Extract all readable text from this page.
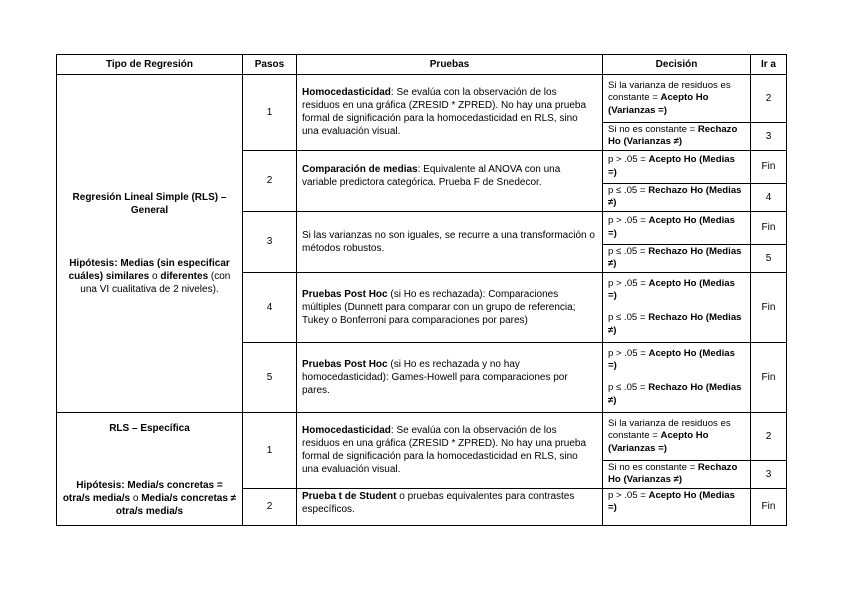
Tipo de Regresión	Pasos	Pruebas	Decisión	Ir a

Regresión Lineal Simple (RLS) – General
Hipótesis: Medias (sin especificar cuáles) similares o diferentes (con una VI cualitativa de 2 niveles).	1	Homocedasticidad: Se evalúa con la observación de los residuos en una gráfica (ZRESID * ZPRED). No hay una prueba formal de significación para la homocedasticidad en RLS, sino una evaluación visual.	Si la varianza de residuos es constante = Acepto Ho (Varianzas =)	2
			Si no es constante = Rechazo Ho (Varianzas ≠)	3
	2	Comparación de medias: Equivalente al ANOVA con una variable predictora categórica. Prueba F de Snedecor.	p > .05 = Acepto Ho (Medias =)	Fin
			p ≤ .05 = Rechazo Ho (Medias ≠)	4
	3	Si las varianzas no son iguales, se recurre a una transformación o métodos robustos.	p > .05 = Acepto Ho (Medias =)	Fin
			p ≤ .05 = Rechazo Ho (Medias ≠)	5
	4	Pruebas Post Hoc (si Ho es rechazada): Comparaciones múltiples (Dunnett para comparar con un grupo de referencia; Tukey o Bonferroni para comparaciones por pares)	p > .05 = Acepto Ho (Medias =)	Fin
			p ≤ .05 = Rechazo Ho (Medias ≠)	
	5	Pruebas Post Hoc (si Ho es rechazada y no hay homocedasticidad): Games-Howell para comparaciones por pares.	p > .05 = Acepto Ho (Medias =)	Fin
			p ≤ .05 = Rechazo Ho (Medias ≠)	

RLS – Específica
Hipótesis: Media/s concretas = otra/s media/s o Media/s concretas ≠ otra/s media/s	1	Homocedasticidad: Se evalúa con la observación de los residuos en una gráfica (ZRESID * ZPRED). No hay una prueba formal de significación para la homocedasticidad en RLS, sino una evaluación visual.	Si la varianza de residuos es constante = Acepto Ho (Varianzas =)	2
			Si no es constante = Rechazo Ho (Varianzas ≠)	3
	2	Prueba t de Student o pruebas equivalentes para contrastes específicos.	p > .05 = Acepto Ho (Medias =)	Fin
